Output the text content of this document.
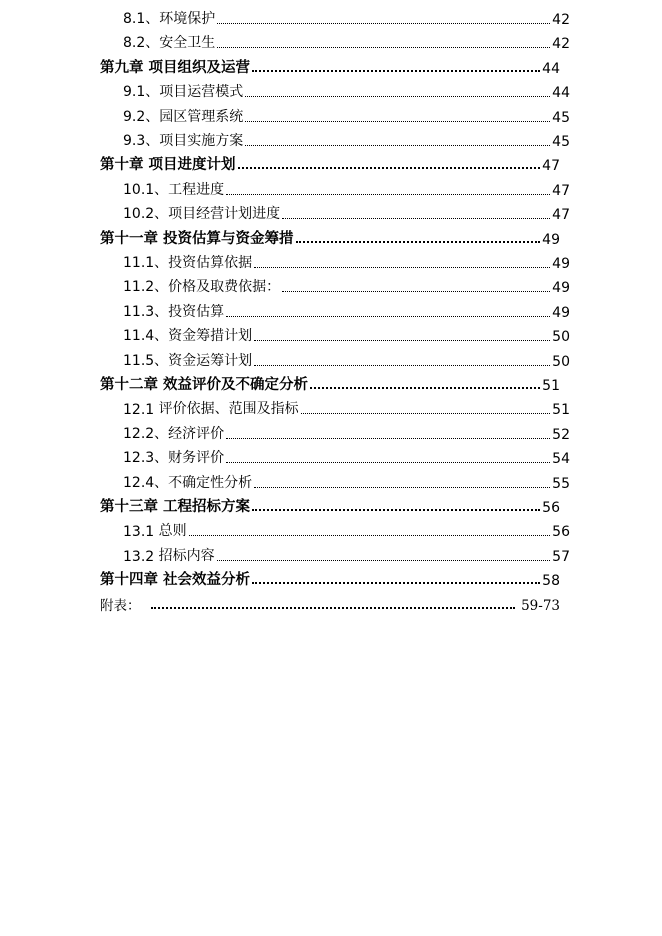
8.1、 环境保护	42
8.2、 安全卫生	42
第九章 项目组织及运营	44
9.1、 项目运营模式	44
9.2、 园区管理系统	45
9.3、 项目实施方案	45
第十章 项目进度计划	47
10.1、 工程进度	47
10.2、 项目经营计划进度	47
第十一章 投资估算与资金筹措	49
11.1、 投资估算依据	49
11.2、 价格及取费依据：	49
11.3、 投资估算	49
11.4、 资金筹措计划	50
11.5、 资金运筹计划	50
第十二章 效益评价及不确定分析	51
12.1 评价依据、范围及指标	51
12.2、 经济评价	52
12.3、 财务评价	54
12.4、 不确定性分析	55
第十三章 工程招标方案	56
13.1 总则	56
13.2 招标内容	57
第十四章 社会效益分析	58
附表：	59-73
